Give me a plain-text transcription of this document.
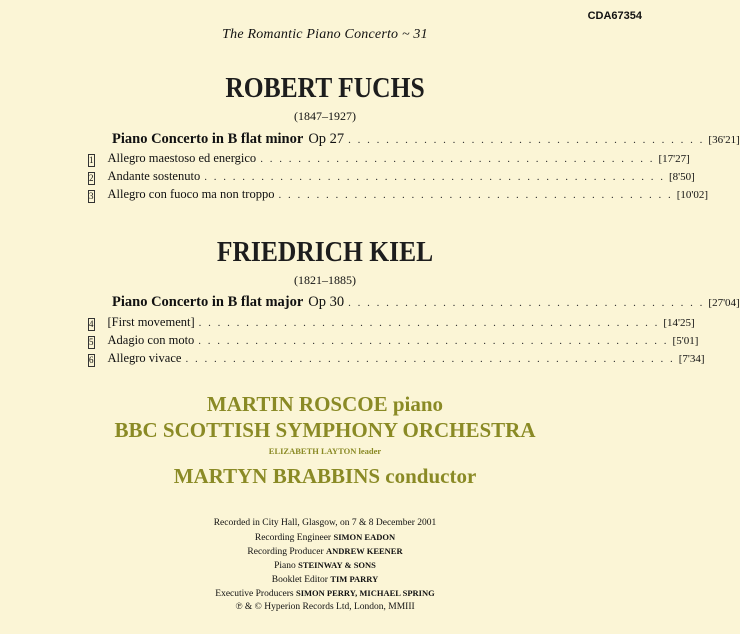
CDA67354
The Romantic Piano Concerto ~ 31
ROBERT FUCHS
(1847–1927)
Piano Concerto in B flat minor Op 27 . . . . . . . . . . . . . . . . . . . . . . . . . . . . . . . . . . . . . . [36'21]
1 Allegro maestoso ed energico . . . . . . . . . . . . . . . . . . . . . . . . . . . . . . . . . . . . . . . . . . [17'27]
2 Andante sostenuto . . . . . . . . . . . . . . . . . . . . . . . . . . . . . . . . . . . . . . . . . . . . . . . . . [8'50]
3 Allegro con fuoco ma non troppo . . . . . . . . . . . . . . . . . . . . . . . . . . . . . . . . . . . . . . . . . . [10'02]
FRIEDRICH KIEL
(1821–1885)
Piano Concerto in B flat major Op 30 . . . . . . . . . . . . . . . . . . . . . . . . . . . . . . . . . . . . . . [27'04]
4 [First movement] . . . . . . . . . . . . . . . . . . . . . . . . . . . . . . . . . . . . . . . . . . . . . . . . . [14'25]
5 Adagio con moto . . . . . . . . . . . . . . . . . . . . . . . . . . . . . . . . . . . . . . . . . . . . . . . . . . [5'01]
6 Allegro vivace . . . . . . . . . . . . . . . . . . . . . . . . . . . . . . . . . . . . . . . . . . . . . . . . . . . . [7'34]
MARTIN ROSCOE piano
BBC SCOTTISH SYMPHONY ORCHESTRA
ELIZABETH LAYTON leader
MARTYN BRABBINS conductor
Recorded in City Hall, Glasgow, on 7 & 8 December 2001
Recording Engineer SIMON EADON
Recording Producer ANDREW KEENER
Piano STEINWAY & SONS
Booklet Editor TIM PARRY
Executive Producers SIMON PERRY, MICHAEL SPRING
℗ & © Hyperion Records Ltd, London, MMIII
